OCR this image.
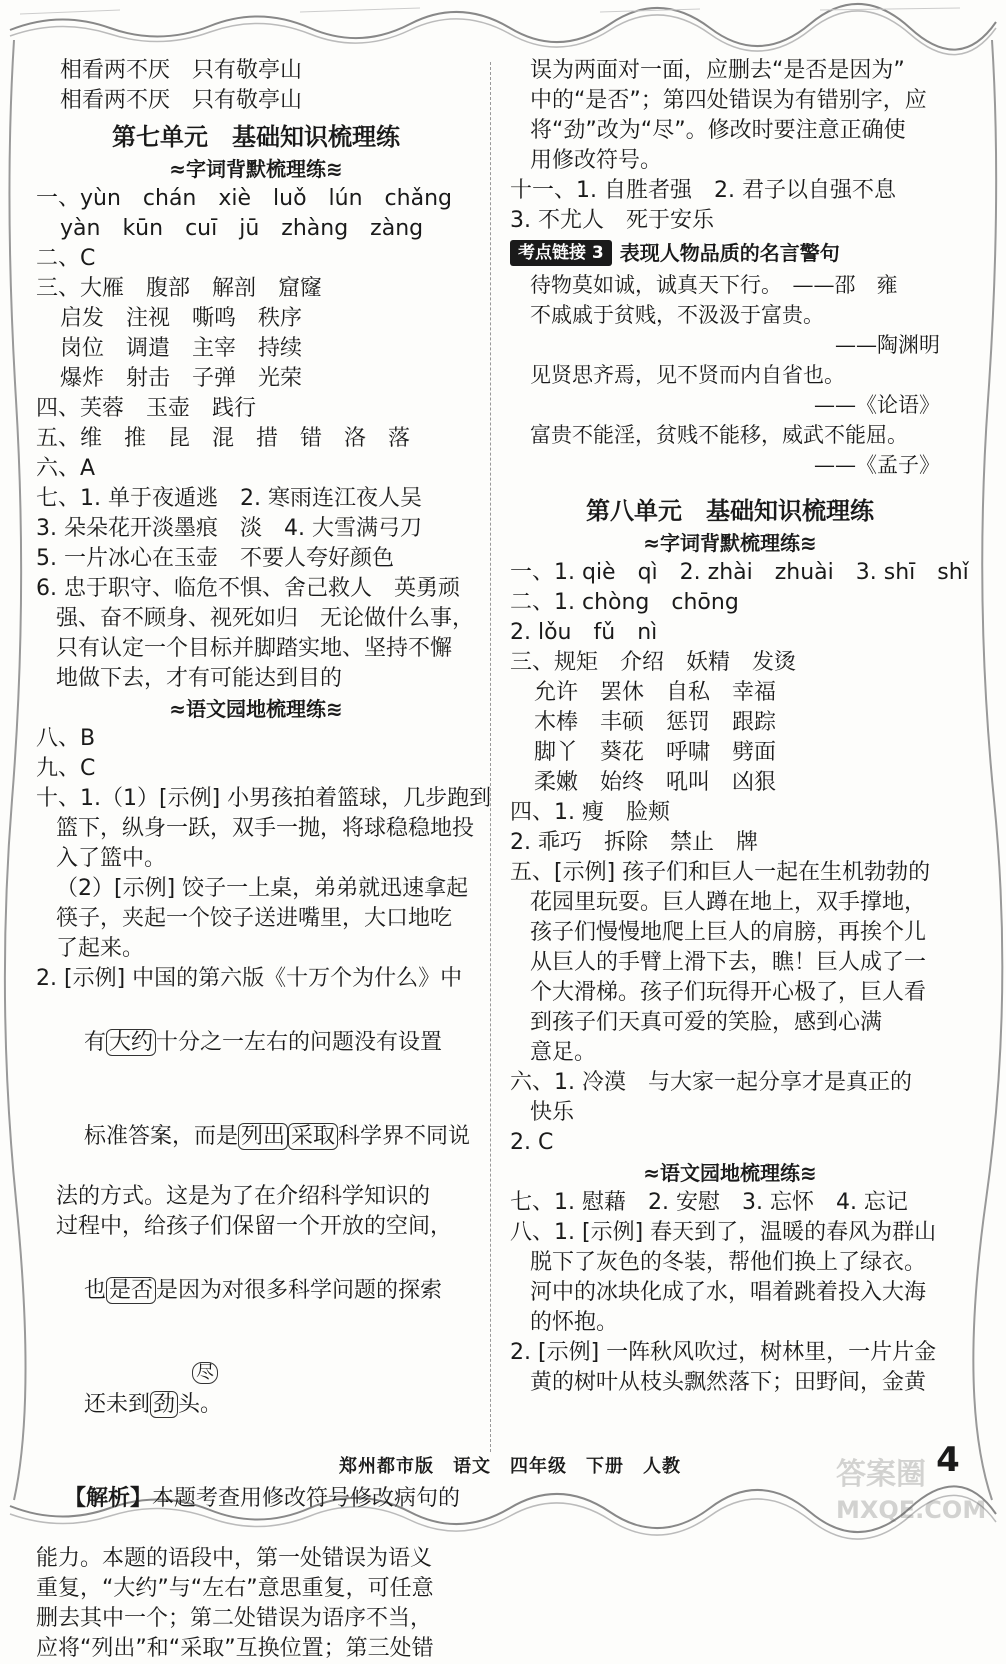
相看两不厌　只有敬亭山
相看两不厌　只有敬亭山
第七单元　基础知识梳理练
≈字词背默梳理练≋
一、yùn　chán　xiè　luǒ　lún　chǎng
yàn　kūn　cuī　jū　zhàng　zàng
二、C
三、大雁　腹部　解剖　窟窿
启发　注视　嘶鸣　秩序
岗位　调遣　主宰　持续
爆炸　射击　子弹　光荣
四、芙蓉　玉壶　践行
五、维　推　昆　混　措　错　洛　落
六、A
七、1. 单于夜遁逃　2. 寒雨连江夜人吴
3. 朵朵花开淡墨痕　淡　4. 大雪满弓刀
5. 一片冰心在玉壶　不要人夸好颜色
6. 忠于职守、临危不惧、舍己救人　英勇顽
强、奋不顾身、视死如归　无论做什么事，
只有认定一个目标并脚踏实地、坚持不懈
地做下去，才有可能达到目的
≈语文园地梳理练≋
八、B
九、C
十、1.（1）[示例] 小男孩拍着篮球，几步跑到
篮下，纵身一跃，双手一抛，将球稳稳地投
入了篮中。
（2）[示例] 饺子一上桌，弟弟就迅速拿起
筷子，夹起一个饺子送进嘴里，大口地吃
了起来。
2. [示例] 中国的第六版《十万个为什么》中

有 大约 十分之一左右的问题没有设置

标准答案，而是 列出 采取 科学界不同说

法的方式。这是为了在介绍科学知识的
过程中，给孩子们保留一个开放的空间，

也 是否 是因为对很多科学问题的探索

尽

还未到 劲 头。

【解析】本题考查用修改符号修改病句的

能力。本题的语段中，第一处错误为语义
重复，“大约”与“左右”意思重复，可任意
删去其中一个；第二处错误为语序不当，
应将“列出”和“采取”互换位置；第三处错
误为两面对一面，应删去“是否是因为”
中的“是否”；第四处错误为有错别字，应
将“劲”改为“尽”。修改时要注意正确使
用修改符号。
十一、1. 自胜者强　2. 君子以自强不息
3. 不尤人　死于安乐
考点链接 3 表现人物品质的名言警句
待物莫如诚，诚真天下行。　——邵　雍
不戚戚于贫贱，不汲汲于富贵。
——陶渊明
见贤思齐焉，见不贤而内自省也。
——《论语》
富贵不能淫，贫贱不能移，威武不能屈。
——《孟子》
第八单元　基础知识梳理练
≈字词背默梳理练≋
一、1. qiè　qì　2. zhài　zhuài　3. shī　shǐ
二、1. chòng　chōng
2. lǒu　fǔ　nì
三、规矩　介绍　妖精　发烫
允许　罢休　自私　幸福
木棒　丰硕　惩罚　跟踪
脚丫　葵花　呼啸　劈面
柔嫩　始终　吼叫　凶狠
四、1. 瘦　脸颊
2. 乖巧　拆除　禁止　牌
五、[示例] 孩子们和巨人一起在生机勃勃的
花园里玩耍。巨人蹲在地上，双手撑地，
孩子们慢慢地爬上巨人的肩膀，再挨个儿
从巨人的手臂上滑下去，瞧！巨人成了一
个大滑梯。孩子们玩得开心极了，巨人看
到孩子们天真可爱的笑脸，感到心满
意足。
六、1. 冷漠　与大家一起分享才是真正的
快乐
2. C
≈语文园地梳理练≋
七、1. 慰藉　2. 安慰　3. 忘怀　4. 忘记
八、1. [示例] 春天到了，温暖的春风为群山
脱下了灰色的冬装，帮他们换上了绿衣。
河中的冰块化成了水，唱着跳着投入大海
的怀抱。
2. [示例] 一阵秋风吹过，树林里，一片片金
黄的树叶从枝头飘然落下；田野间，金黄
郑州都市版　语文　四年级　下册　人教	4
答案圈
MXQE.COM
